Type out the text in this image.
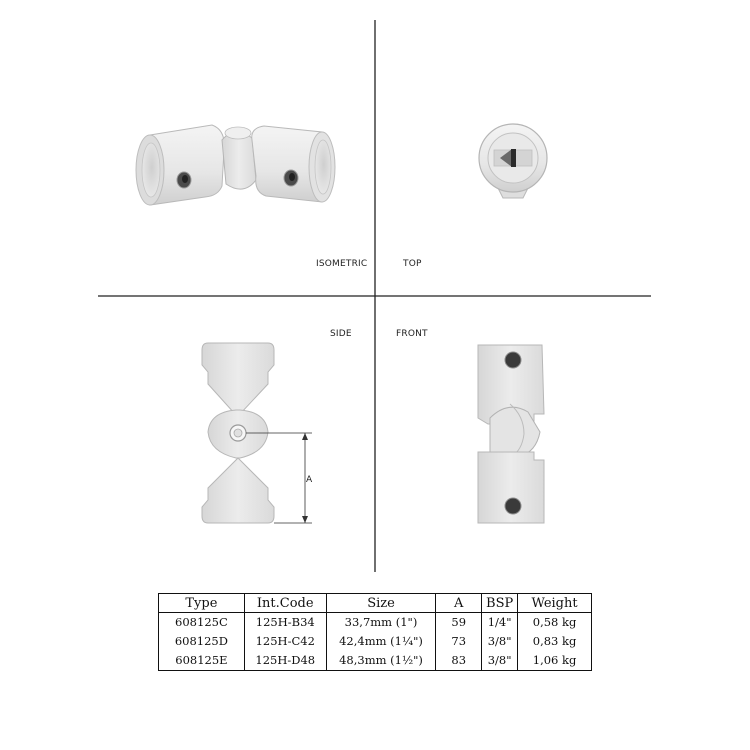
A
ISOMETRIC	TOP
SIDE	FRONT
Type	Int.Code	Size	A	BSP	Weight
608125C	125H-B34	33,7mm (1")	59	1/4"	0,58 kg
608125D	125H-C42	42,4mm (1¼")	73	3/8"	0,83 kg
608125E	125H-D48	48,3mm (1½")	83	3/8"	1,06 kg
